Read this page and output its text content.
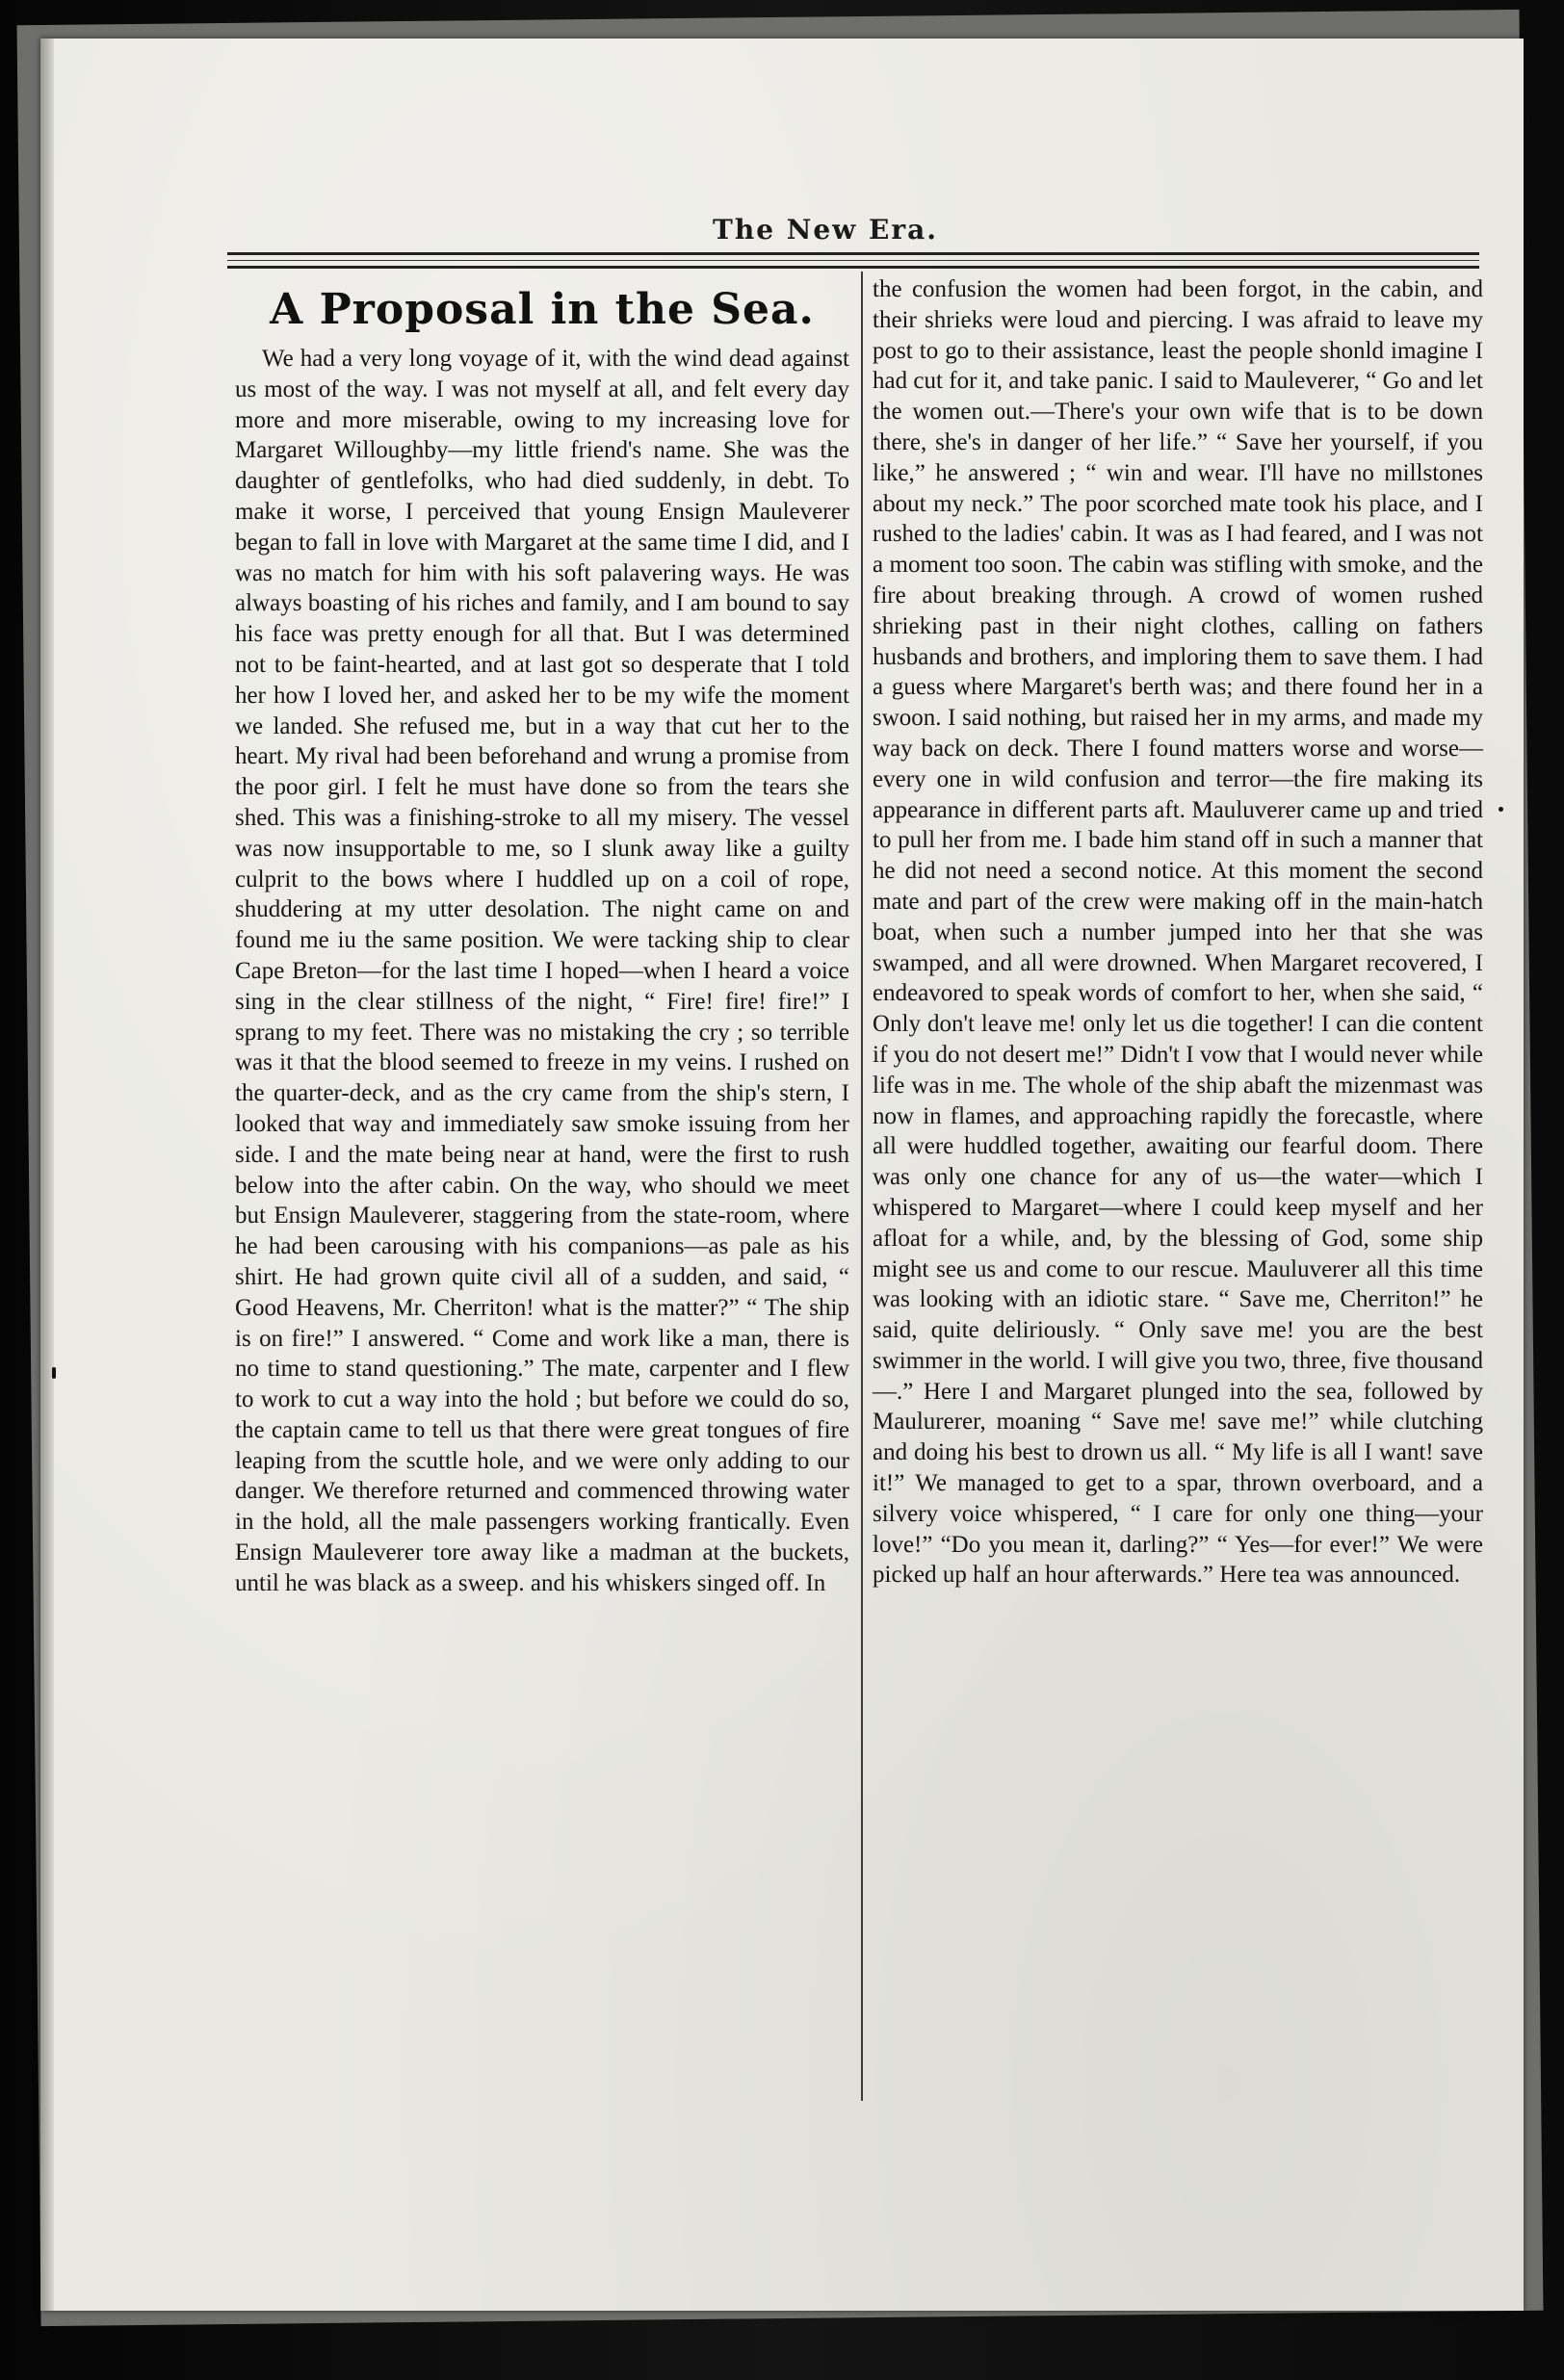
The New Era.
A Proposal in the Sea.

We had a very long voyage of it, with the wind dead against us most of the way. I was not myself at all, and felt every day more and more miserable, owing to my increasing love for Margaret Willoughby—my little friend's name. She was the daughter of gentlefolks, who had died suddenly, in debt. To make it worse, I perceived that young Ensign Mauleverer began to fall in love with Margaret at the same time I did, and I was no match for him with his soft palavering ways. He was always boasting of his riches and family, and I am bound to say his face was pretty enough for all that. But I was determined not to be faint-hearted, and at last got so desperate that I told her how I loved her, and asked her to be my wife the moment we landed. She refused me, but in a way that cut her to the heart. My rival had been beforehand and wrung a promise from the poor girl. I felt he must have done so from the tears she shed. This was a finishing-stroke to all my misery. The vessel was now insupportable to me, so I slunk away like a guilty culprit to the bows where I huddled up on a coil of rope, shuddering at my utter desolation. The night came on and found me iu the same position. We were tacking ship to clear Cape Breton—for the last time I hoped—when I heard a voice sing in the clear stillness of the night, “ Fire! fire! fire!” I sprang to my feet. There was no mistaking the cry ; so terrible was it that the blood seemed to freeze in my veins. I rushed on the quarter-deck, and as the cry came from the ship's stern, I looked that way and immediately saw smoke issuing from her side. I and the mate being near at hand, were the first to rush below into the after cabin. On the way, who should we meet but Ensign Mauleverer, staggering from the state-room, where he had been carousing with his companions—as pale as his shirt. He had grown quite civil all of a sudden, and said, “ Good Heavens, Mr. Cherriton! what is the matter?” “ The ship is on fire!” I answered. “ Come and work like a man, there is no time to stand questioning.” The mate, carpenter and I flew to work to cut a way into the hold ; but before we could do so, the captain came to tell us that there were great tongues of fire leaping from the scuttle hole, and we were only adding to our danger. We therefore returned and commenced throwing water in the hold, all the male passengers working frantically. Even Ensign Mauleverer tore away like a madman at the buckets, until he was black as a sweep. and his whiskers singed off. In

the confusion the women had been forgot, in the cabin, and their shrieks were loud and piercing. I was afraid to leave my post to go to their assistance, least the people shonld imagine I had cut for it, and take panic. I said to Mauleverer, “ Go and let the women out.—There's your own wife that is to be down there, she's in danger of her life.” “ Save her yourself, if you like,” he answered ; “ win and wear. I'll have no millstones about my neck.” The poor scorched mate took his place, and I rushed to the ladies' cabin. It was as I had feared, and I was not a moment too soon. The cabin was stifling with smoke, and the fire about breaking through. A crowd of women rushed shrieking past in their night clothes, calling on fathers husbands and brothers, and imploring them to save them. I had a guess where Margaret's berth was; and there found her in a swoon. I said nothing, but raised her in my arms, and made my way back on deck. There I found matters worse and worse—every one in wild confusion and terror—the fire making its appearance in different parts aft. Mauluverer came up and tried to pull her from me. I bade him stand off in such a manner that he did not need a second notice. At this moment the second mate and part of the crew were making off in the main-hatch boat, when such a number jumped into her that she was swamped, and all were drowned. When Margaret recovered, I endeavored to speak words of comfort to her, when she said, “ Only don't leave me! only let us die together! I can die content if you do not desert me!” Didn't I vow that I would never while life was in me. The whole of the ship abaft the mizenmast was now in flames, and approaching rapidly the forecastle, where all were huddled together, awaiting our fearful doom. There was only one chance for any of us—the water—which I whispered to Margaret—where I could keep myself and her afloat for a while, and, by the blessing of God, some ship might see us and come to our rescue. Mauluverer all this time was looking with an idiotic stare. “ Save me, Cherriton!” he said, quite deliriously. “ Only save me! you are the best swimmer in the world. I will give you two, three, five thousand—.” Here I and Margaret plunged into the sea, followed by Maulurerer, moaning “ Save me! save me!” while clutching and doing his best to drown us all. “ My life is all I want! save it!” We managed to get to a spar, thrown overboard, and a silvery voice whispered, “ I care for only one thing—your love!” “Do you mean it, darling?” “ Yes—for ever!” We were picked up half an hour afterwards.” Here tea was announced.
